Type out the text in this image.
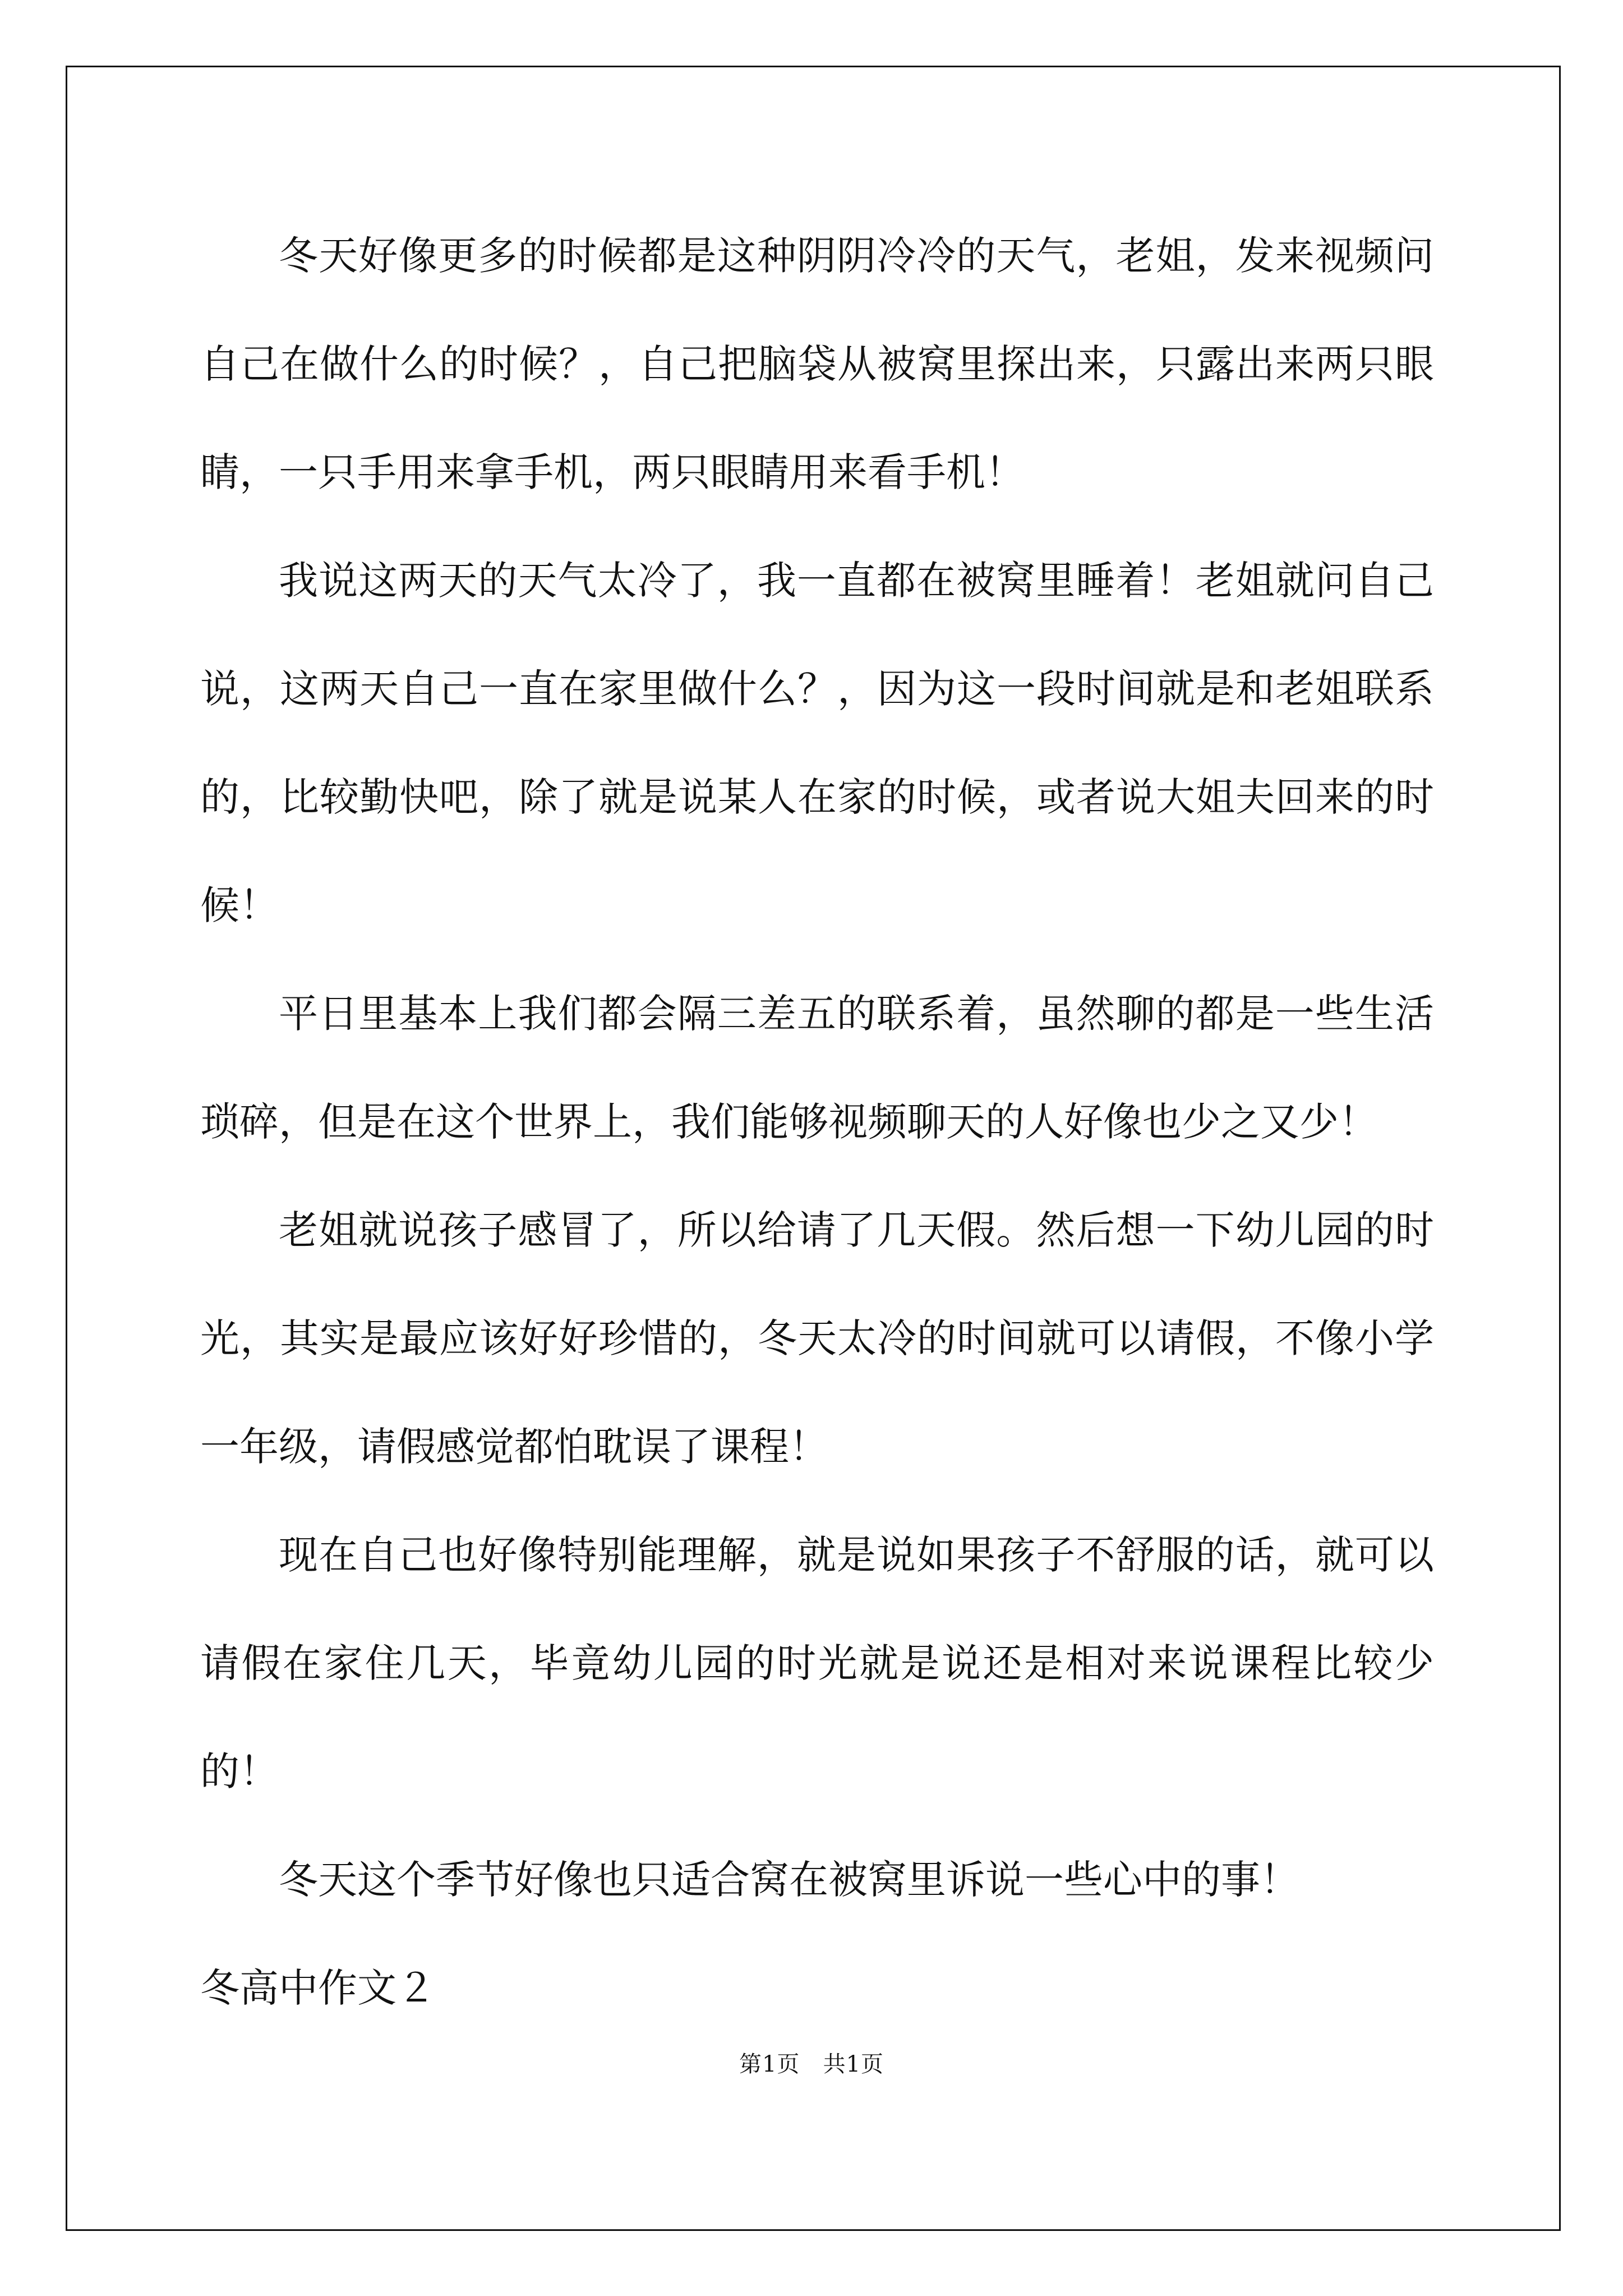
冬天好像更多的时候都是这种阴阴冷冷的天气，老姐，发来视频问自己在做什么的时候？，自己把脑袋从被窝里探出来，只露出来两只眼睛，一只手用来拿手机，两只眼睛用来看手机！

我说这两天的天气太冷了，我一直都在被窝里睡着！老姐就问自己说，这两天自己一直在家里做什么？，因为这一段时间就是和老姐联系的，比较勤快吧，除了就是说某人在家的时候，或者说大姐夫回来的时候！

平日里基本上我们都会隔三差五的联系着，虽然聊的都是一些生活琐碎，但是在这个世界上，我们能够视频聊天的人好像也少之又少！

老姐就说孩子感冒了，所以给请了几天假。然后想一下幼儿园的时光，其实是最应该好好珍惜的，冬天太冷的时间就可以请假，不像小学一年级，请假感觉都怕耽误了课程！

现在自己也好像特别能理解，就是说如果孩子不舒服的话，就可以请假在家住几天，毕竟幼儿园的时光就是说还是相对来说课程比较少的！

冬天这个季节好像也只适合窝在被窝里诉说一些心中的事！

冬高中作文２

第1页 共1页
